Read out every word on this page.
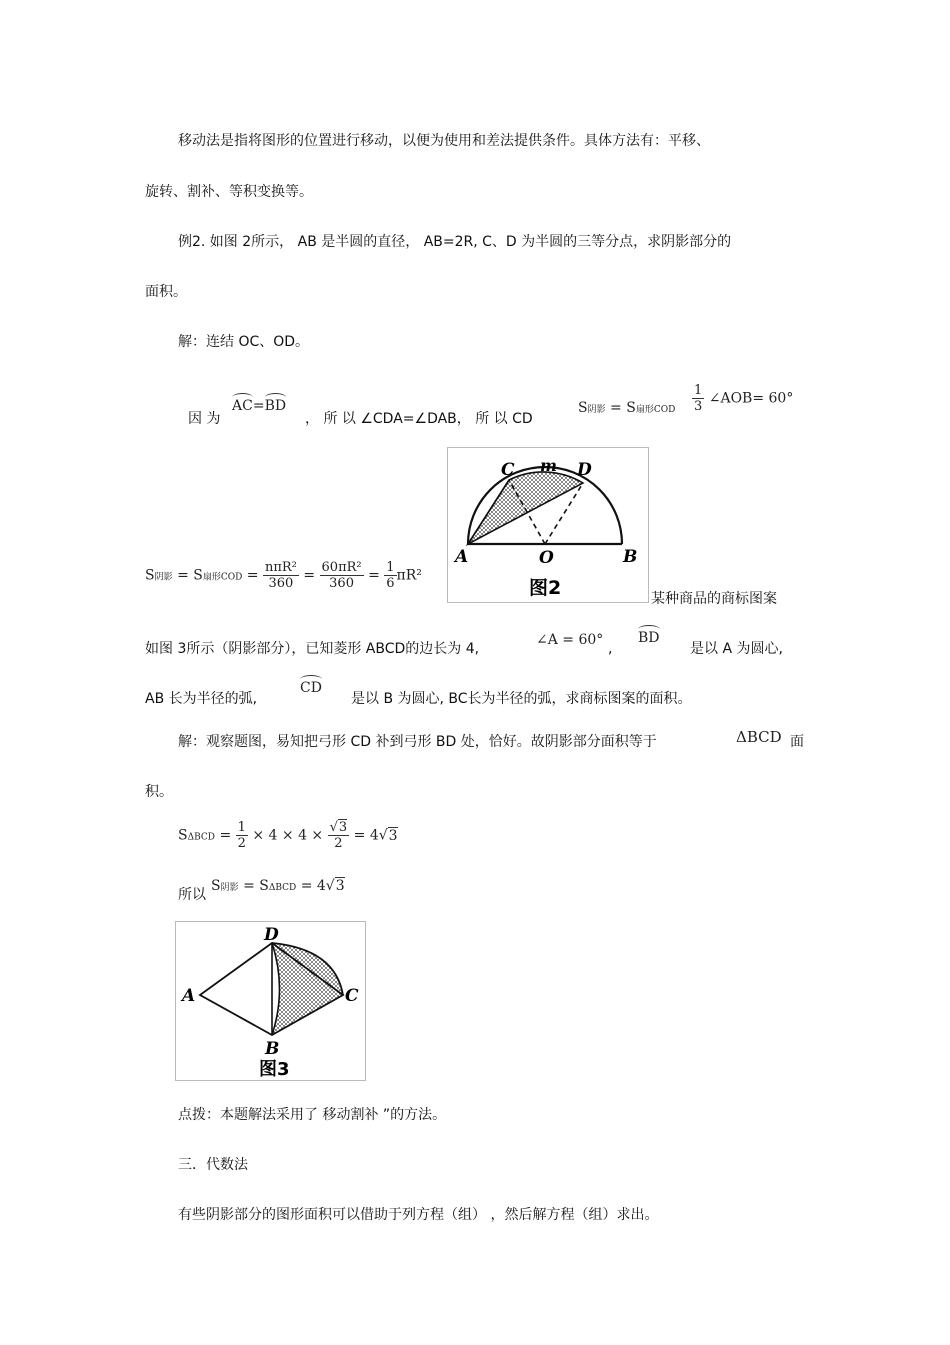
移动法是指将图形的位置进行移动，以便为使用和差法提供条件。具体方法有：平移、
旋转、割补、等积变换等。
例2. 如图 2所示， AB 是半圆的直径， AB=2R, C、D 为半圆的三等分点，求阴影部分的
面积。
解：连结 OC、OD。
因 为
AC=BD
， 所 以 ∠CDA=∠DAB， 所 以 CD
S阴影 = S扇形COD $\frac{1}{3}$ ∠AOB= 60°
A	O	B
C	D
m
图2
S阴影 = S扇形COD = $\frac{\text{nπR²}}{360} = \frac{\text{60πR²}}{360} = \frac{1}{6} \pi R^2$
某种商品的商标图案
如图 3所示（阴影部分），已知菱形 ABCD的边长为 4,
∠A = 60°
,
BD
是以 A 为圆心,
AB 长为半径的弧,
CD
是以 B 为圆心, BC长为半径的弧，求商标图案的面积。
解：观察题图，易知把弓形 CD 补到弓形 BD 处，恰好。故阴影部分面积等于	ΔBCD 面
积。
$S\Delta BCD = \frac{1}{2} \times 4 \times 4 \times \frac{√3}{2} = 4√3$
所以
S阴影 = SΔBCD = 4√3
A
B
C
D
图3
点拨：本题解法采用了 移动割补 ”的方法。
三．代数法
有些阴影部分的图形面积可以借助于列方程（组） ，然后解方程（组）求出。
